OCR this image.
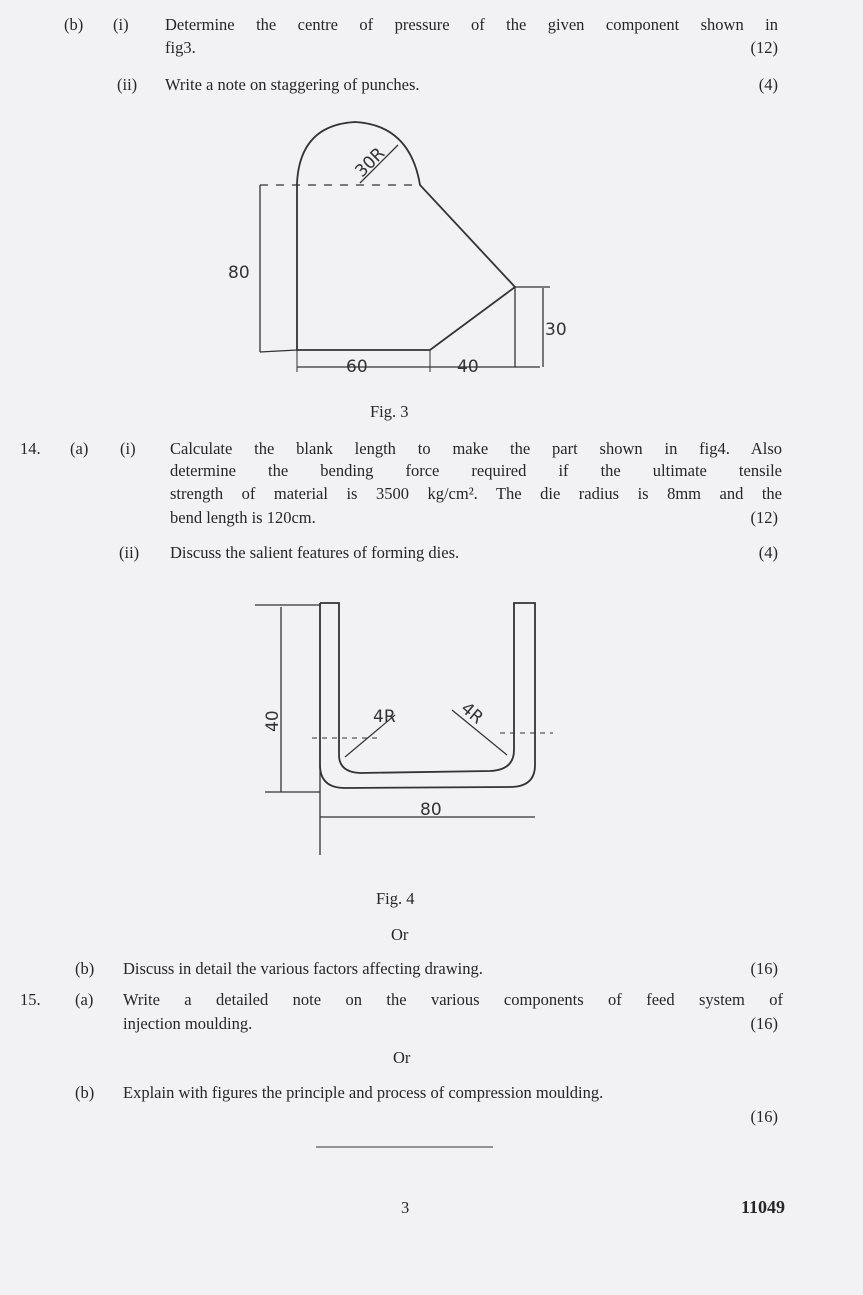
(b) (i) Determine the centre of pressure of the given component shown in
fig3.	(12)
(ii) Write a note on staggering of punches.	(4)
80
60	40
30
30R
40
80
4R	4R
Fig. 3
14. (a) (i) Calculate the blank length to make the part shown in fig4. Also
determine the bending force required if the ultimate tensile
strength of material is 3500 kg/cm². The die radius is 8mm and the
bend length is 120cm.	(12)
(ii) Discuss the salient features of forming dies.	(4)
Fig. 4
Or
(b) Discuss in detail the various factors affecting drawing.	(16)
15. (a) Write a detailed note on the various components of feed system of
injection moulding.	(16)
Or
(b) Explain with figures the principle and process of compression moulding.
(16)
3	11049
